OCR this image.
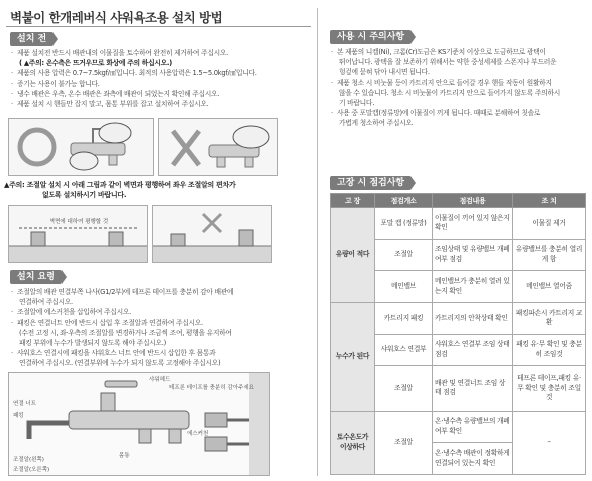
벽붙이 한개레버식 샤워욕조용 설치 방법
설치 전
· 제품 설치전 반드시 배관내의 이물질을 토수하여 완전히 제거하여 주십시오.
( ▲주의: 온수측은 뜨거우므로 화상에 주의 하십시오.)
· 제품의 사용 압력은 0.7~7.5kgf/㎠입니다. 최적의 사용압력은 1.5~5.0kgf/㎠입니다.
· 증기는 사용이 불가능 합니다.
· 냉수 배관은 우측, 온수 배관은 좌측에 배관이 되었는지 확인해 주십시오.
· 제품 설치 시 핸들만 잡지 말고, 몸통 부위를 잡고 설치하여 주십시오.
▲주의: 조절알 설치 시 아래 그림과 같이 벽면과 평행하여 좌우 조절알의 편차가
없도록 설치하시기 바랍니다.
벽면에 대하여 평행할 것
설치 요령
· 조절알의 배관 연결부쪽 나사(G1/2부)에 테프론 테이프를 충분히 감아 배관에
연결하여 주십시오.
· 조절알에 에스커천을 삽입하여 주십시오.
· 패킹은 연결너트 안에 반드시 삽입 후 조절알과 연결하여 주십시오.
(수전 고정 시, 좌·우측의 조절알를 변경하거나 조금씩 조여, 평행을 유지하여
패킹 부위에 누수가 발생되지 않도록 해야 주십시오.)
· 샤워호스 연결시에 패킹을 샤워호스 너트 안에 반드시 삽입한 후 몸통과
연결하여 주십시오. (연결부위에 누수가 되지 않도록 고정해야 주십시오)
샤워헤드
테프론 테이프를 충분히 감아주세요
연결 너트
패킹
에스커천
몸통
조절알(왼쪽)
조절알(오른쪽)
사용 시 주의사항
· 본 제품의 니켈(Ni), 크롬(Cr)도금은 KS기준치 이상으로 도금하므로 광택이
뛰어납니다. 광택을 잘 보존하기 위해서는 약한 중성세제를 스폰지나 부드러운
헝겊에 묻혀 닦아 내시면 됩니다.
· 제품 청소 시 비눗물 등이 카트리지 안으로 들어갈 경우 핸들 작동이 원활하지
않을 수 있습니다. 청소 시 비눗물이 카트리지 안으로 들어가지 않도록 주의하시
기 바랍니다.
· 사용 중 포말캡(정류망)에 이물질이 끼게 됩니다. 때때로 분해하여 칫솔로
가볍게 청소하여 주십시오.
고장 시 점검사항
고 장	점검개소	점검내용	조 치
유량이 적다	포말 캡 (정류망)	이물질이 끼어 있지 않은지 확인	이물질 제거
	조절알	조임상태 및 유량밸브 개폐여부 점검	유량밸브를 충분히 열리게 함
	메인밸브	메인밸브가 충분히 열려 있는지 확인	메인밸브 열어줌
누수가 된다	카트리지 패킹	카트리지의 안착상태 확인	패킹파손시 카트리지 교환
	샤워호스 연결부	샤워호스 연결부 조임 상태 점검	패킹 유·무 확인 및 충분히 조임것
	조절알	배관 및 연결너트 조임 상태 점검	테프론 테이프,패킹 유·무 확인 및 충분히 조일것
토수온도가 이상하다	조절알	온·냉수측 유량밸브의 개폐여부 확인	–
		온·냉수측 배관이 정확하게 연결되어 있는지 확인	
